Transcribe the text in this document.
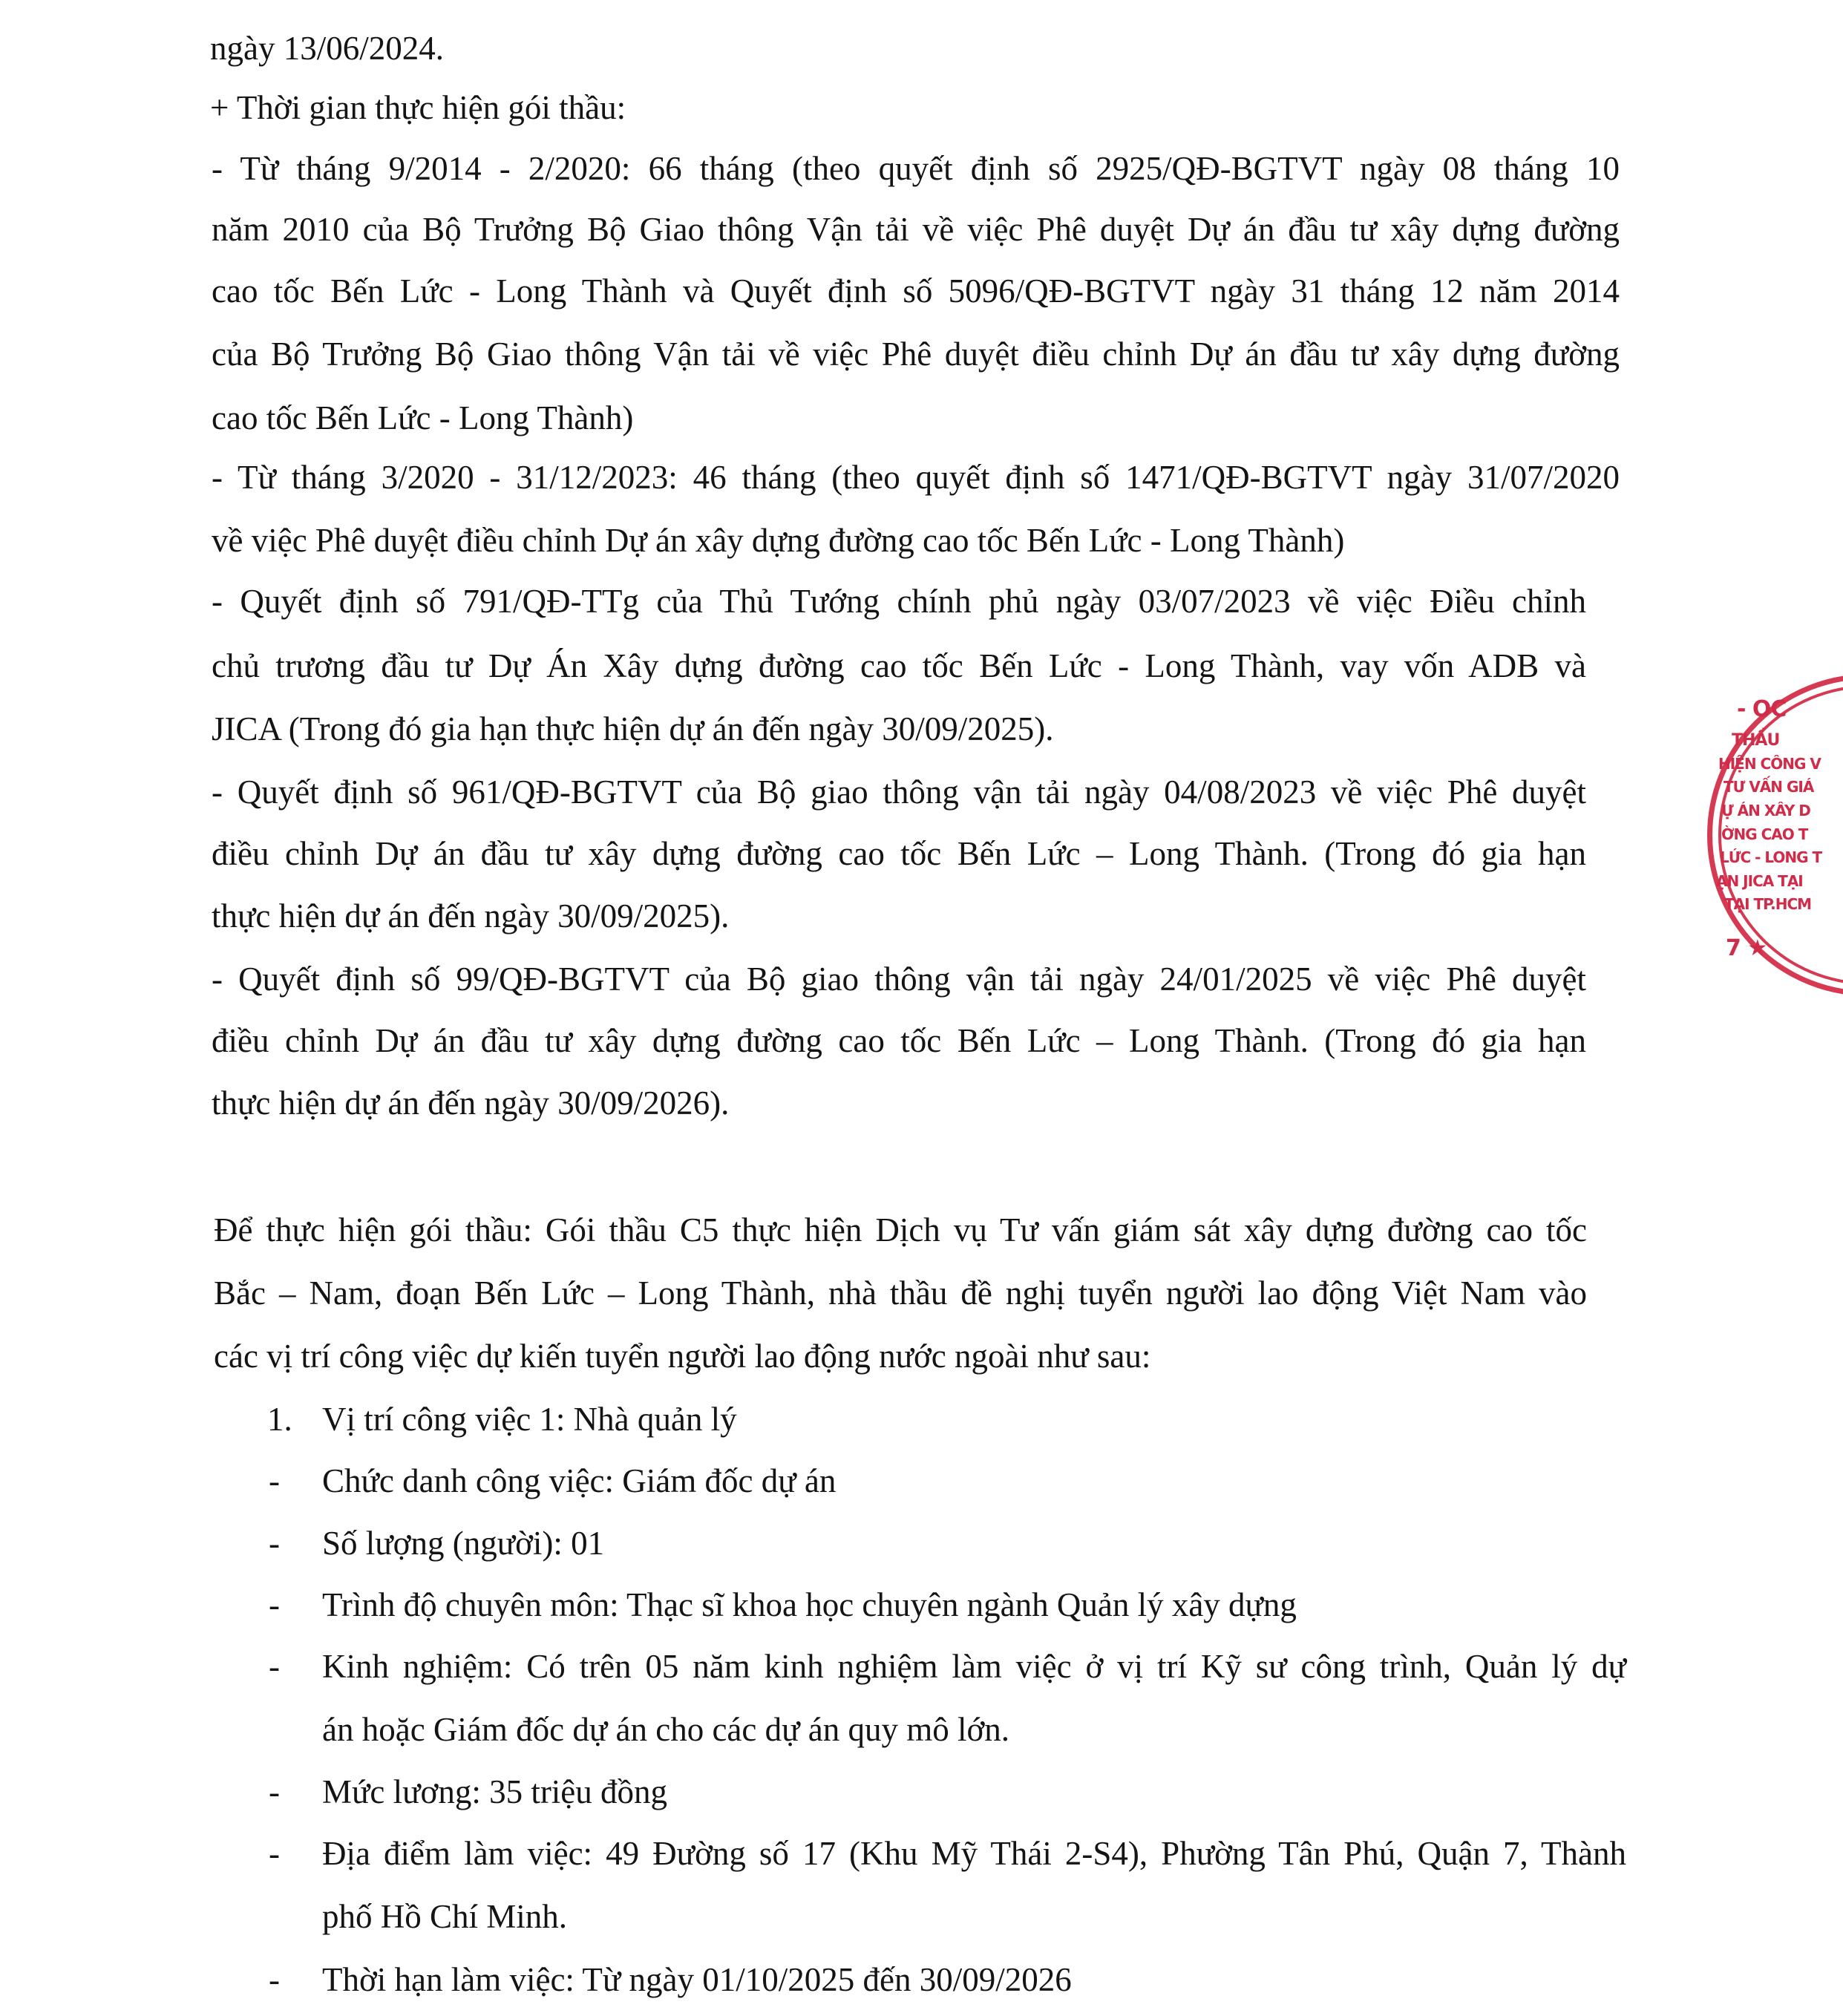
ngày 13/06/2024.
+ Thời gian thực hiện gói thầu:
- Từ tháng 9/2014 - 2/2020: 66 tháng (theo quyết định số 2925/QĐ-BGTVT ngày 08 tháng 10
năm 2010 của Bộ Trưởng Bộ Giao thông Vận tải về việc Phê duyệt Dự án đầu tư xây dựng đường
cao tốc Bến Lức - Long Thành và Quyết định số 5096/QĐ-BGTVT ngày 31 tháng 12 năm 2014
của Bộ Trưởng Bộ Giao thông Vận tải về việc Phê duyệt điều chỉnh Dự án đầu tư xây dựng đường
cao tốc Bến Lức - Long Thành)
- Từ tháng 3/2020 - 31/12/2023: 46 tháng (theo quyết định số 1471/QĐ-BGTVT ngày 31/07/2020
về việc Phê duyệt điều chỉnh Dự án xây dựng đường cao tốc Bến Lức - Long Thành)
- Quyết định số 791/QĐ-TTg của Thủ Tướng chính phủ ngày 03/07/2023 về việc Điều chỉnh
chủ trương đầu tư Dự Án Xây dựng đường cao tốc Bến Lức - Long Thành, vay vốn ADB và
JICA (Trong đó gia hạn thực hiện dự án đến ngày 30/09/2025).
- Quyết định số 961/QĐ-BGTVT của Bộ giao thông vận tải ngày 04/08/2023 về việc Phê duyệt
điều chỉnh Dự án đầu tư xây dựng đường cao tốc Bến Lức – Long Thành. (Trong đó gia hạn
thực hiện dự án đến ngày 30/09/2025).
- Quyết định số 99/QĐ-BGTVT của Bộ giao thông vận tải ngày 24/01/2025 về việc Phê duyệt
điều chỉnh Dự án đầu tư xây dựng đường cao tốc Bến Lức – Long Thành. (Trong đó gia hạn
thực hiện dự án đến ngày 30/09/2026).
Để thực hiện gói thầu: Gói thầu C5 thực hiện Dịch vụ Tư vấn giám sát xây dựng đường cao tốc
Bắc – Nam, đoạn Bến Lức – Long Thành, nhà thầu đề nghị tuyển người lao động Việt Nam vào
các vị trí công việc dự kiến tuyển người lao động nước ngoài như sau:
1. Vị trí công việc 1: Nhà quản lý
- Chức danh công việc: Giám đốc dự án
- Số lượng (người): 01
- Trình độ chuyên môn: Thạc sĩ khoa học chuyên ngành Quản lý xây dựng
- Kinh nghiệm: Có trên 05 năm kinh nghiệm làm việc ở vị trí Kỹ sư công trình, Quản lý dự
án hoặc Giám đốc dự án cho các dự án quy mô lớn.
- Mức lương: 35 triệu đồng
- Địa điểm làm việc: 49 Đường số 17 (Khu Mỹ Thái 2-S4), Phường Tân Phú, Quận 7, Thành
phố Hồ Chí Minh.
- Thời hạn làm việc: Từ ngày 01/10/2025 đến 30/09/2026
- OC
THẦU
HIỆN CÔNG V
TƯ VẤN GIÁ
Ự ÁN XÂY D
ỜNG CAO T
LỨC - LONG T
ẠN JICA TẠI
TẠI TP.HCM
7 ★
